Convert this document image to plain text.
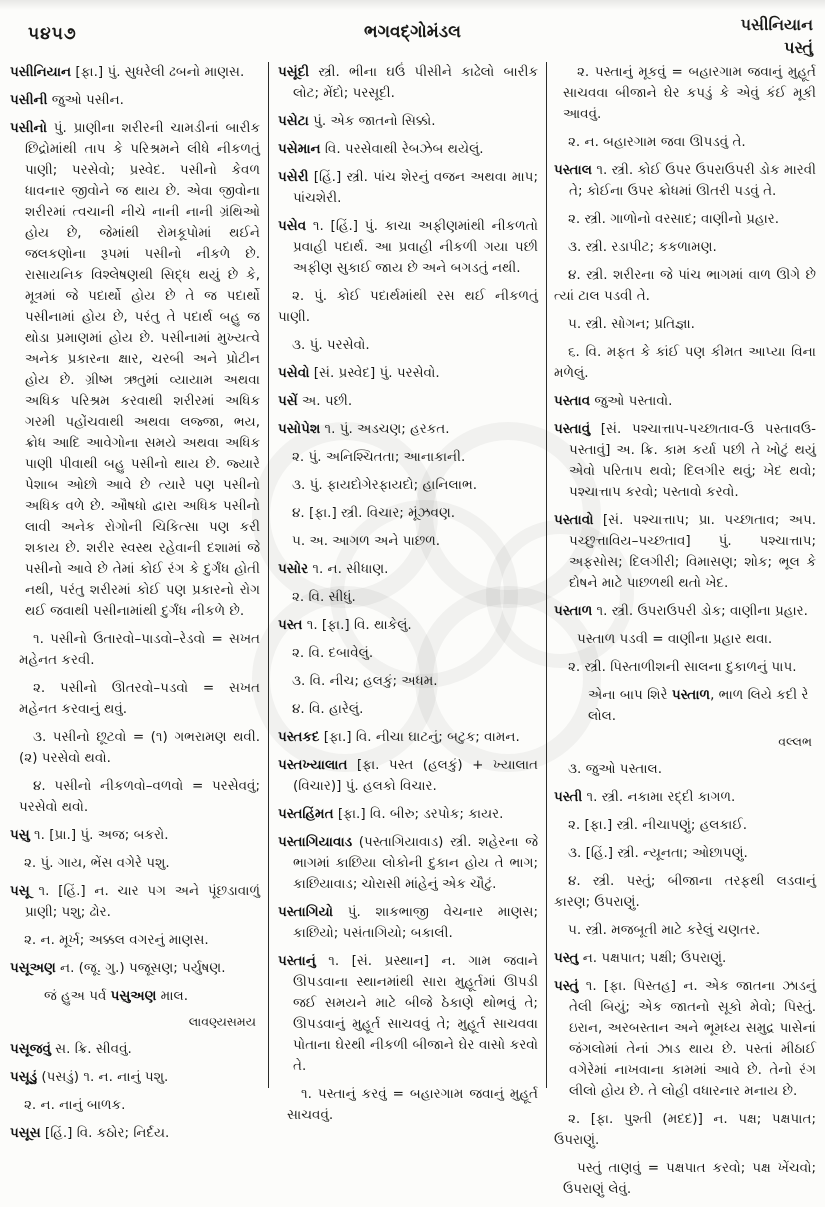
૫૪૫૭	ભગવદ્ગોમંડલ	પસીનિયાન
પસ્તું

પસીનિયાન [ફા.] પું. સુધરેલી ઢબનો માણસ.

પસીની જુઓ પસીન.

પસીનો પું. પ્રાણીના શરીરની ચામડીનાં બારીક છિદ્રોમાંથી તાપ કે પરિશ્રમને લીધે નીકળતું પાણી; પરસેવો; પ્રસ્વેદ. પસીનો કેવળ ધાવનાર જીવોને જ થાય છે. એવા જીવોના શરીરમાં ત્વચાની નીચે નાની નાની ગ્રંથિઓ હોય છે, જેમાંથી રોમકૂપોમાં થઈને જલકણોના રૂપમાં પસીનો નીકળે છે. રાસાયનિક વિશ્લેષણથી સિદ્ધ થયું છે કે, મૂત્રમાં જે પદાર્થો હોય છે તે જ પદાર્થો પસીનામાં હોય છે, પરંતુ તે પદાર્થ બહુ જ થોડા પ્રમાણમાં હોય છે. પસીનામાં મુખ્યત્વે અનેક પ્રકારના ક્ષાર, ચરબી અને પ્રોટીન હોય છે. ગ્રીષ્મ ઋતુમાં વ્યાયામ અથવા અધિક પરિશ્રમ કરવાથી શરીરમાં અધિક ગરમી પહોંચવાથી અથવા લજ્જા, ભય, ક્રોધ આદિ આવેગોના સમયે અથવા અધિક પાણી પીવાથી બહુ પસીનો થાય છે. જ્યારે પેશાબ ઓછો આવે છે ત્યારે પણ પસીનો અધિક વળે છે. ઔષધો દ્વારા અધિક પસીનો લાવી અનેક રોગોની ચિકિત્સા પણ કરી શકાય છે. શરીર સ્વસ્થ રહેવાની દશામાં જે પસીનો આવે છે તેમાં કોઈ રંગ કે દુર્ગંધ હોતી નથી, પરંતુ શરીરમાં કોઈ પણ પ્રકારનો રોગ થઈ જવાથી પસીનામાંથી દુર્ગંધ નીકળે છે.

૧. પસીનો ઉતારવો–પાડવો–રેડવો = સખત મહેનત કરવી.

૨. પસીનો ઊતરવો–પડવો = સખત મહેનત કરવાનું થવું.

૩. પસીનો છૂટવો = (૧) ગભરામણ થવી. (૨) પરસેવો થવો.

૪. પસીનો નીકળવો–વળવો = પરસેવવું; પરસેવો થવો.

પસુ ૧. [પ્રા.] પું. અજ; બકરો.

૨. પું. ગાય, ભેંસ વગેરે પશુ.

પસૂ ૧. [હિં.] ન. ચાર પગ અને પૂંછડાવાળું પ્રાણી; પશુ; ઢોર.

૨. ન. મૂર્ખ; અક્કલ વગરનું માણસ.

પસૂઅણ ન. (જૂ. ગુ.) પજૂસણ; પર્યુષણ.

જં હુઅ પર્વ પસુઅણ માલ.

લાવણ્યસમય

પસૂજવું સ. ક્રિ. સીવવું.

પસૂડું (પસડું) ૧. ન. નાનું પશુ.

૨. ન. નાનું બાળક.

પસૂસ [હિં.] વિ. કઠોર; નિર્દય.

પસૂંદી સ્ત્રી. ભીના ઘઉં પીસીને કાઢેલો બારીક લોટ; મેંદો; પરસૂદી.

પસેટા પું. એક જાતનો સિક્કો.

પસેમાન વિ. પરસેવાથી રેબઝેબ થયેલું.

પસેરી [હિં.] સ્ત્રી. પાંચ શેરનું વજન અથવા માપ; પાંચશેરી.

પસેવ ૧. [હિં.] પું. કાચા અફીણમાંથી નીકળતો પ્રવાહી પદાર્થ. આ પ્રવાહી નીકળી ગયા પછી અફીણ સુકાઈ જાય છે અને બગડતું નથી.

૨. પું. કોઈ પદાર્થમાંથી રસ થઈ નીકળતું પાણી.

૩. પું. પરસેવો.

પસેવો [સં. પ્રસ્વેદ] પું. પરસેવો.

પસેં અ. પછી.

પસોપેશ ૧. પું. અડચણ; હરકત.

૨. પું. અનિશ્ચિતતા; આનાકાની.

૩. પું. ફાયદોગેરફાયદો; હાનિલાભ.

૪. [ફા.] સ્ત્રી. વિચાર; મૂંઝવણ.

૫. અ. આગળ અને પાછળ.

પસોર ૧. ન. સીધાણ.

૨. વિ. સીધું.

પસ્ત ૧. [ફા.] વિ. થાકેલું.

૨. વિ. દબાવેલું.

૩. વિ. નીચ; હલકું; અધમ.

૪. વિ. હારેલું.

પસ્તકદ [ફા.] વિ. નીચા ઘાટનું; બટુક; વામન.

પસ્તખ્યાલાત [ફા. પસ્ત (હલકું) + ખ્યાલાત (વિચાર)] પું. હલકો વિચાર.

પસ્તહિંમત [ફા.] વિ. બીરુ; ડરપોક; કાયર.

પસ્તાગિયાવાડ (પસ્તાગિયાવાડ) સ્ત્રી. શહેરના જે ભાગમાં કાછિયા લોકોની દુકાન હોય તે ભાગ; કાછિયાવાડ; ચોરાસી માંહેનું એક ચૌટું.

પસ્તાગિયો પું. શાકભાજી વેચનાર માણસ; કાછિયો; પસંતાગિયો; બકાલી.

પસ્તાનું ૧. [સં. પ્રસ્થાન] ન. ગામ જવાને ઊપડવાના સ્થાનમાંથી સારા મુહૂર્તમાં ઊપડી જઈ સમયને માટે બીજે ઠેકાણે થોભવું તે; ઊપડવાનું મુહૂર્ત સાચવવું તે; મુહૂર્ત સાચવવા પોતાના ઘેરથી નીકળી બીજાને ઘેર વાસો કરવો તે.

૧. પસ્તાનું કરવું = બહારગામ જવાનું મુહૂર્ત સાચવવું.

૨. પસ્તાનું મૂકવું = બહારગામ જવાનું મુહૂર્ત સાચવવા બીજાને ઘેર કપડું કે એવું કંઈ મૂકી આવવું.

૨. ન. બહારગામ જવા ઊપડવું તે.

પસ્તાલ ૧. સ્ત્રી. કોઈ ઉપર ઉપરાઉપરી ડોક મારવી તે; કોઈના ઉપર ક્રોધમાં ઊતરી પડવું તે.

૨. સ્ત્રી. ગાળોનો વરસાદ; વાણીનો પ્રહાર.

૩. સ્ત્રી. રડાપીટ; કકળામણ.

૪. સ્ત્રી. શરીરના જે પાંચ ભાગમાં વાળ ઊગે છે ત્યાં ટાલ પડવી તે.

૫. સ્ત્રી. સોગન; પ્રતિજ્ઞા.

૬. વિ. મફત કે કાંઈ પણ કીમત આપ્યા વિના મળેલું.

પસ્તાવ જુઓ પસ્તાવો.

પસ્તાવું [સં. પશ્ચાત્તાપ-પચ્છાતાવ-ઉ પસ્તાવઉ-પસ્તાવું] અ. ક્રિ. કામ કર્યા પછી તે ખોટું થયું એવો પરિતાપ થવો; દિલગીર થવું; ખેદ થવો; પશ્ચાત્તાપ કરવો; પસ્તાવો કરવો.

પસ્તાવો [સં. પશ્ચાત્તાપ; પ્રા. પચ્છાતાવ; અપ. પચ્છુત્તાવિય–પચ્છતાવ] પું. પશ્ચાત્તાપ; અફસોસ; દિલગીરી; વિમાસણ; શોક; ભૂલ કે દોષને માટે પાછળથી થતો ખેદ.

પસ્તાળ ૧. સ્ત્રી. ઉપરાઉપરી ડોક; વાણીના પ્રહાર.

પસ્તાળ પડવી = વાણીના પ્રહાર થવા.

૨. સ્ત્રી. પિસ્તાળીશની સાલના દુકાળનું પાપ.

એના બાપ શિરે પસ્તાળ, ભાળ લિયે કદી રે લોલ.

વલ્લભ

૩. જુઓ પસ્તાલ.

પસ્તી ૧. સ્ત્રી. નકામા રદ્દી કાગળ.

૨. [ફા.] સ્ત્રી. નીચાપણું; હલકાઈ.

૩. [હિં.] સ્ત્રી. ન્યૂનતા; ઓછાપણું.

૪. સ્ત્રી. પસ્તું; બીજાના તરફથી લડવાનું કારણ; ઉપરાણું.

૫. સ્ત્રી. મજબૂતી માટે કરેલું ચણતર.

પસ્તુ ન. પક્ષપાત; પક્ષી; ઉપરાણું.

પસ્તું ૧. [ફા. પિસ્તહ] ન. એક જાતના ઝાડનું તેલી બિયું; એક જાતનો સૂકો મેવો; પિસ્તું. ઇરાન, અરબસ્તાન અને ભૂમધ્ય સમુદ્ર પાસેનાં જંગલોમાં તેનાં ઝાડ થાય છે. પસ્તાં મીઠાઈ વગેરેમાં નાખવાના કામમાં આવે છે. તેનો રંગ લીલો હોય છે. તે લોહી વધારનાર મનાય છે.

૨. [ફા. પુશ્તી (મદદ)] ન. પક્ષ; પક્ષપાત; ઉપરાણું.

પસ્તું તાણવું = પક્ષપાત કરવો; પક્ષ ખેંચવો; ઉપરાણું લેવું.
